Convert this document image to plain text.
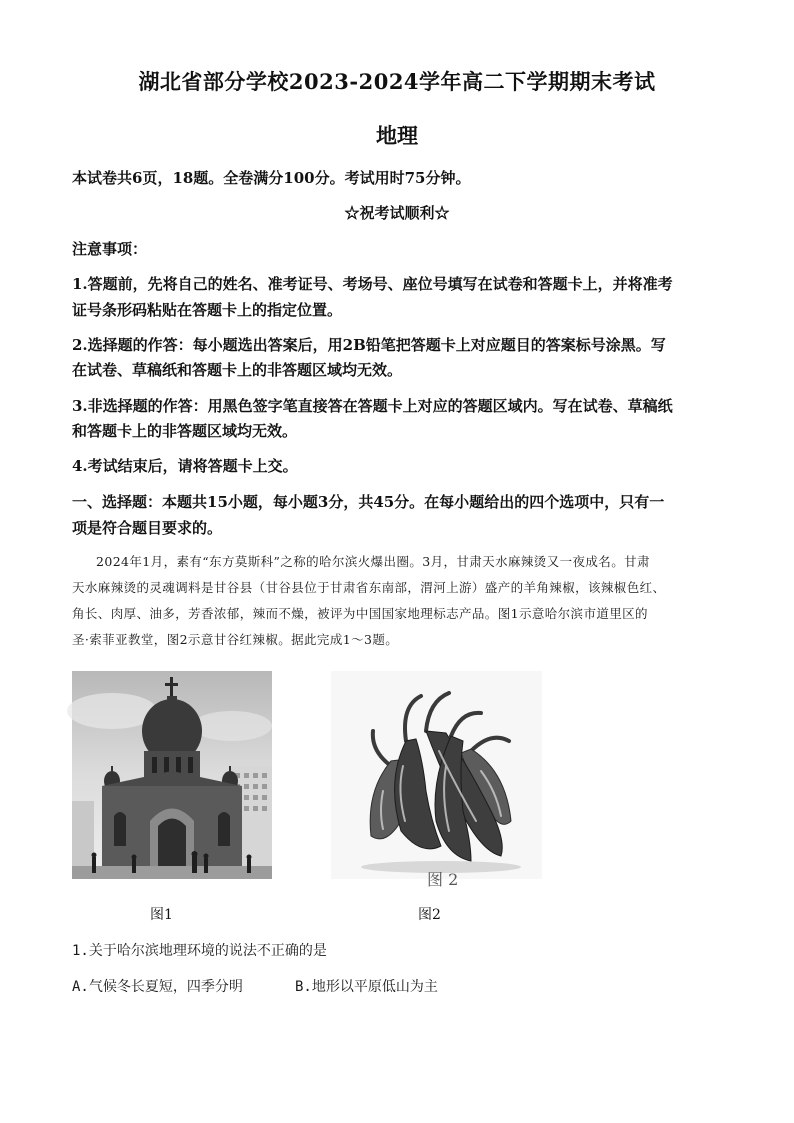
湖北省部分学校2023-2024学年高二下学期期末考试
地理
本试卷共6页，18题。全卷满分100分。考试用时75分钟。
☆祝考试顺利☆
注意事项：
1.答题前，先将自己的姓名、准考证号、考场号、座位号填写在试卷和答题卡上，并将准考
证号条形码粘贴在答题卡上的指定位置。
2.选择题的作答：每小题选出答案后，用2B铅笔把答题卡上对应题目的答案标号涂黑。写
在试卷、草稿纸和答题卡上的非答题区域均无效。
3.非选择题的作答：用黑色签字笔直接答在答题卡上对应的答题区域内。写在试卷、草稿纸
和答题卡上的非答题区域均无效。
4.考试结束后，请将答题卡上交。
一、选择题：本题共15小题，每小题3分，共45分。在每小题给出的四个选项中，只有一
项是符合题目要求的。
2024年1月，素有“东方莫斯科”之称的哈尔滨火爆出圈。3月，甘肃天水麻辣烫又一夜成名。甘肃
天水麻辣烫的灵魂调料是甘谷县（甘谷县位于甘肃省东南部，渭河上游）盛产的羊角辣椒，该辣椒色红、
角长、肉厚、油多，芳香浓郁，辣而不燥，被评为中国国家地理标志产品。图1示意哈尔滨市道里区的
圣·索菲亚教堂，图2示意甘谷红辣椒。据此完成1～3题。
图 2
图1	图2
1.关于哈尔滨地理环境的说法不正确的是
A.气候冬长夏短，四季分明	B.地形以平原低山为主
